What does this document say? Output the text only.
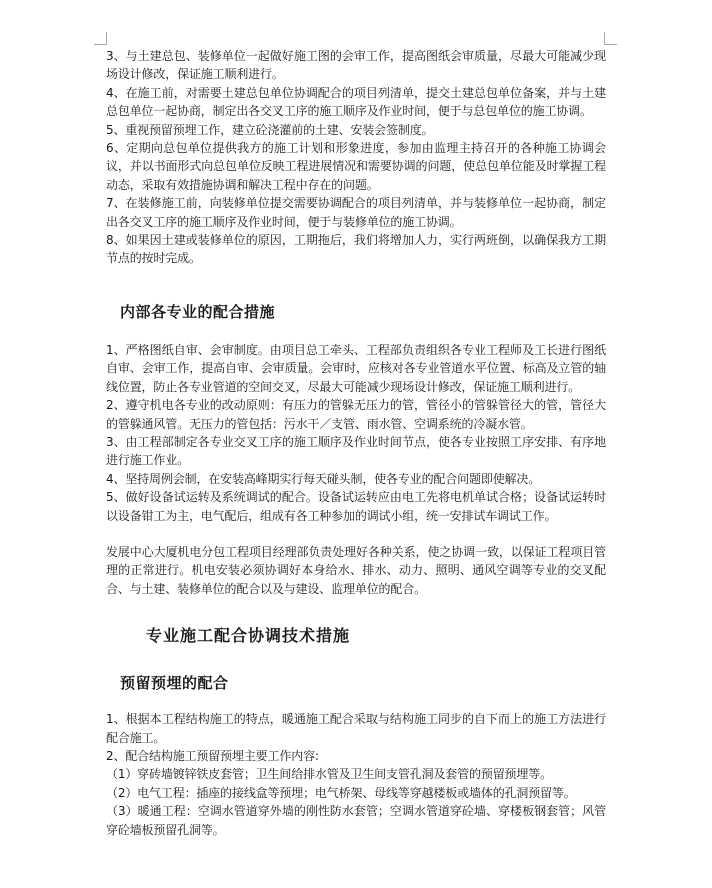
3、与土建总包、装修单位一起做好施工图的会审工作，提高图纸会审质量，尽最大可能减少现场设计修改，保证施工顺利进行。

4、在施工前，对需要土建总包单位协调配合的项目列清单，提交土建总包单位备案，并与土建总包单位一起协商，制定出各交叉工序的施工顺序及作业时间，便于与总包单位的施工协调。

5、重视预留预埋工作，建立砼浇灌前的土建、安装会签制度。

6、定期向总包单位提供我方的施工计划和形象进度，参加由监理主持召开的各种施工协调会议，并以书面形式向总包单位反映工程进展情况和需要协调的问题，使总包单位能及时掌握工程动态，采取有效措施协调和解决工程中存在的问题。

7、在装修施工前，向装修单位提交需要协调配合的项目列清单，并与装修单位一起协商，制定出各交叉工序的施工顺序及作业时间，便于与装修单位的施工协调。

8、如果因土建或装修单位的原因，工期拖后，我们将增加人力，实行两班倒，以确保我方工期节点的按时完成。

内部各专业的配合措施

1、严格图纸自审、会审制度。由项目总工牵头、工程部负责组织各专业工程师及工长进行图纸自审、会审工作，提高自审、会审质量。会审时，应核对各专业管道水平位置、标高及立管的轴线位置，防止各专业管道的空间交叉，尽最大可能减少现场设计修改，保证施工顺利进行。

2、遵守机电各专业的改动原则：有压力的管躲无压力的管，管径小的管躲管径大的管，管径大的管躲通风管。无压力的管包括：污水干／支管、雨水管、空调系统的冷凝水管。

3、由工程部制定各专业交叉工序的施工顺序及作业时间节点，使各专业按照工序安排、有序地进行施工作业。

4、坚持周例会制，在安装高峰期实行每天碰头制，使各专业的配合问题即使解决。

5、做好设备试运转及系统调试的配合。设备试运转应由电工先将电机单试合格；设备试运转时以设备钳工为主，电气配后，组成有各工种参加的调试小组，统一安排试车调试工作。

发展中心大厦机电分包工程项目经理部负责处理好各种关系，使之协调一致，以保证工程项目管理的正常进行。机电安装必须协调好本身给水、排水、动力、照明、通风空调等专业的交叉配合、与土建、装修单位的配合以及与建设、监理单位的配合。

专业施工配合协调技术措施
预留预埋的配合

1、根据本工程结构施工的特点，暖通施工配合采取与结构施工同步的自下而上的施工方法进行配合施工。

2、配合结构施工预留预埋主要工作内容:

（1）穿砖墙镀锌铁皮套管；卫生间给排水管及卫生间支管孔洞及套管的预留预埋等。

（2）电气工程：插座的接线盒等预埋；电气桥架、母线等穿越楼板或墙体的孔洞预留等。

（3）暖通工程：空调水管道穿外墙的刚性防水套管；空调水管道穿砼墙、穿楼板钢套管；风管穿砼墙板预留孔洞等。
